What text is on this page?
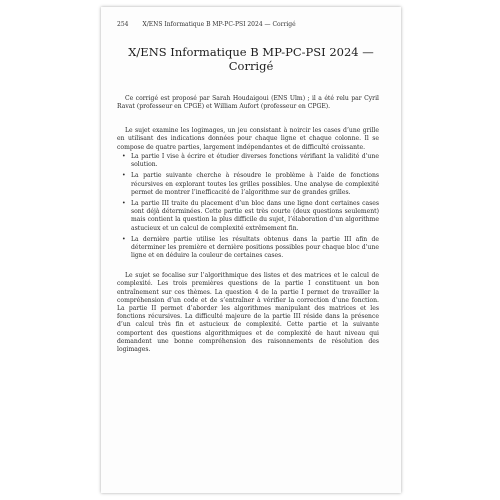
254 X/ENS Informatique B MP-PC-PSI 2024 — Corrigé
X/ENS Informatique B MP-PC-PSI 2024 — Corrigé

Ce corrigé est proposé par Sarah Houdaigoui (ENS Ulm) ; il a été relu par Cyril Ravat (professeur en CPGE) et William Aufort (professeur en CPGE).

Le sujet examine les logimages, un jeu consistant à noircir les cases d’une grille en utilisant des indications données pour chaque ligne et chaque colonne. Il se compose de quatre parties, largement indépendantes et de difficulté croissante.

• La partie I vise à écrire et étudier diverses fonctions vérifiant la validité d’une solution.
• La partie suivante cherche à résoudre le problème à l’aide de fonctions récursives en explorant toutes les grilles possibles. Une analyse de complexité permet de montrer l’inefficacité de l’algorithme sur de grandes grilles.
• La partie III traite du placement d’un bloc dans une ligne dont certaines cases sont déjà déterminées. Cette partie est très courte (deux questions seulement) mais contient la question la plus difficile du sujet, l’élaboration d’un algorithme astucieux et un calcul de complexité extrêmement fin.
• La dernière partie utilise les résultats obtenus dans la partie III afin de déterminer les première et dernière positions possibles pour chaque bloc d’une ligne et en déduire la couleur de certaines cases.

Le sujet se focalise sur l’algorithmique des listes et des matrices et le calcul de complexité. Les trois premières questions de la partie I constituent un bon entraînement sur ces thèmes. La question 4 de la partie I permet de travailler la compréhension d’un code et de s’entraîner à vérifier la correction d’une fonction. La partie II permet d’aborder les algorithmes manipulant des matrices et les fonctions récursives. La difficulté majeure de la partie III réside dans la présence d’un calcul très fin et astucieux de complexité. Cette partie et la suivante comportent des questions algorithmiques et de complexité de haut niveau qui demandent une bonne compréhension des raisonnements de résolution des logimages.
